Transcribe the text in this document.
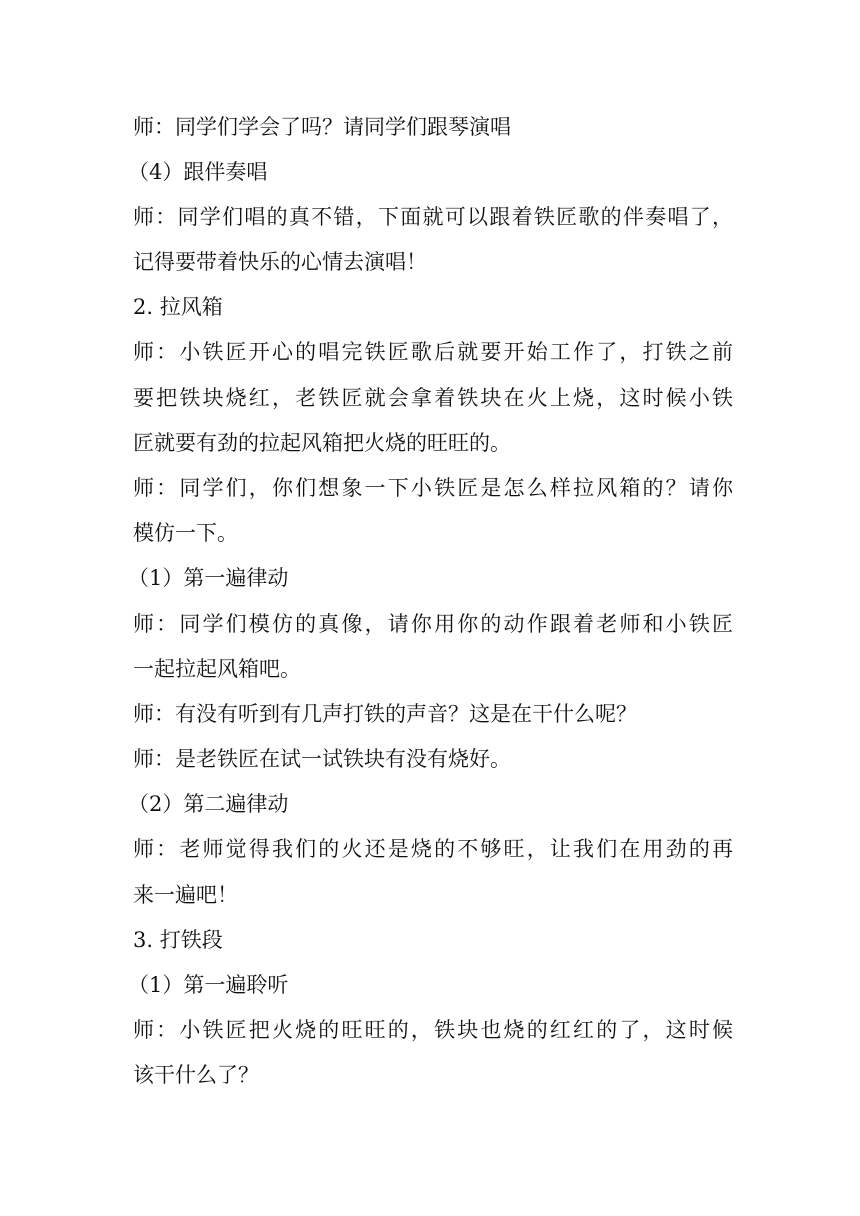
师：同学们学会了吗？请同学们跟琴演唱
（4）跟伴奏唱
师：同学们唱的真不错，下面就可以跟着铁匠歌的伴奏唱了，
记得要带着快乐的心情去演唱！
2. 拉风箱
师：小铁匠开心的唱完铁匠歌后就要开始工作了，打铁之前
要把铁块烧红，老铁匠就会拿着铁块在火上烧，这时候小铁
匠就要有劲的拉起风箱把火烧的旺旺的。
师：同学们，你们想象一下小铁匠是怎么样拉风箱的？请你
模仿一下。
（1）第一遍律动
师：同学们模仿的真像，请你用你的动作跟着老师和小铁匠
一起拉起风箱吧。
师：有没有听到有几声打铁的声音？这是在干什么呢？
师：是老铁匠在试一试铁块有没有烧好。
（2）第二遍律动
师：老师觉得我们的火还是烧的不够旺，让我们在用劲的再
来一遍吧！
3. 打铁段
（1）第一遍聆听
师：小铁匠把火烧的旺旺的，铁块也烧的红红的了，这时候
该干什么了？
